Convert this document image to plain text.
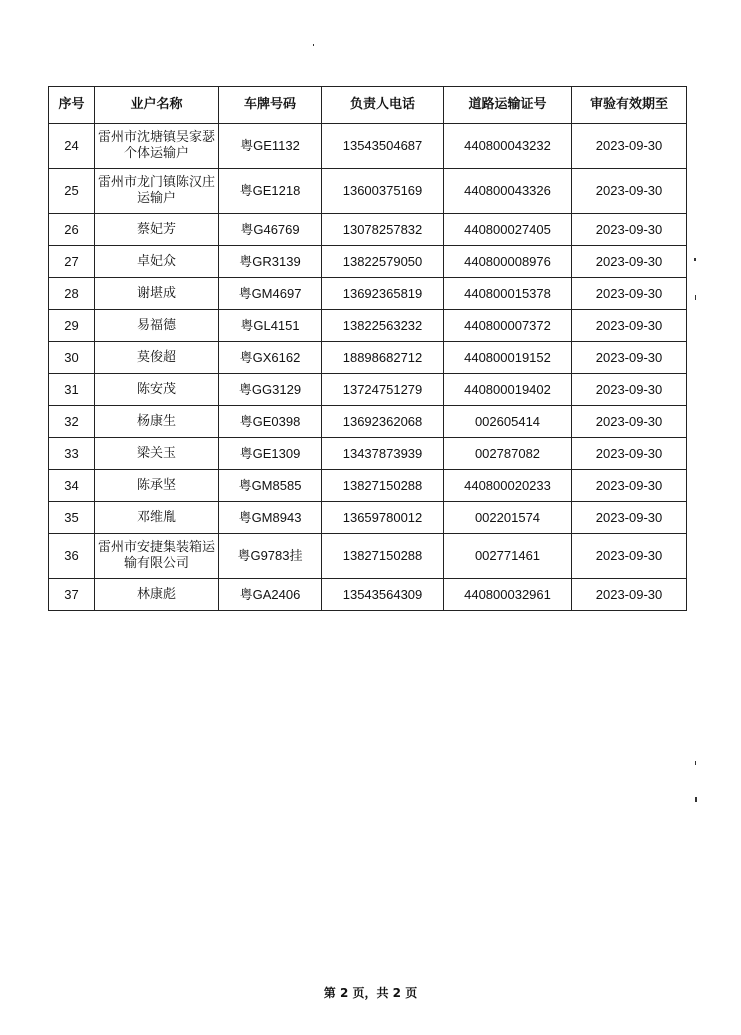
序号	业户名称	车牌号码	负责人电话	道路运输证号	审验有效期至
24	雷州市沈塘镇吴家瑟个体运输户	粤GE1132	13543504687	440800043232	2023-09-30
25	雷州市龙门镇陈汉庄运输户	粤GE1218	13600375169	440800043326	2023-09-30
26	蔡妃芳	粤G46769	13078257832	440800027405	2023-09-30
27	卓妃众	粤GR3139	13822579050	440800008976	2023-09-30
28	谢堪成	粤GM4697	13692365819	440800015378	2023-09-30
29	易福德	粤GL4151	13822563232	440800007372	2023-09-30
30	莫俊超	粤GX6162	18898682712	440800019152	2023-09-30
31	陈安茂	粤GG3129	13724751279	440800019402	2023-09-30
32	杨康生	粤GE0398	13692362068	002605414	2023-09-30
33	梁关玉	粤GE1309	13437873939	002787082	2023-09-30
34	陈承坚	粤GM8585	13827150288	440800020233	2023-09-30
35	邓维胤	粤GM8943	13659780012	002201574	2023-09-30
36	雷州市安捷集装箱运输有限公司	粤G9783挂	13827150288	002771461	2023-09-30
37	林康彪	粤GA2406	13543564309	440800032961	2023-09-30
第 2 页，共 2 页
